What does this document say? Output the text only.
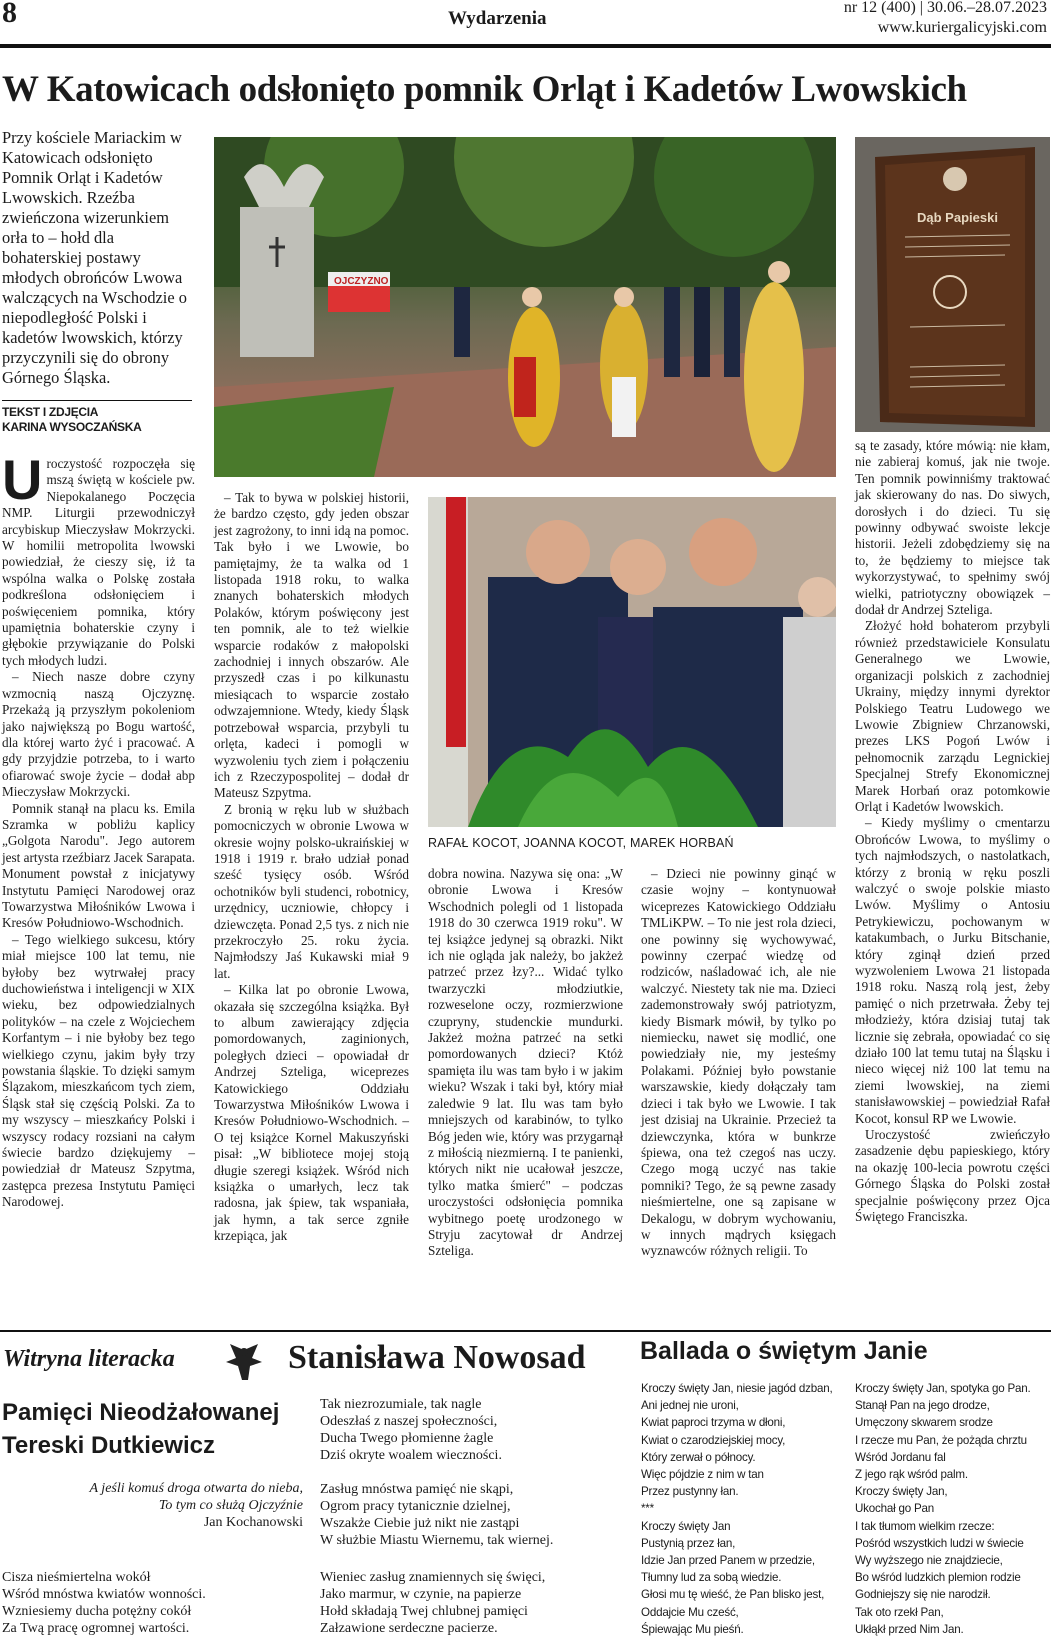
8	Wydarzenia
nr 12 (400) | 30.06.–28.07.2023
www.kuriergalicyjski.com
W Katowicach odsłonięto pomnik Orląt i Kadetów Lwowskich
Przy kościele Mariackim w Katowicach odsłonięto Pomnik Orląt i Kadetów Lwowskich. Rzeźba zwieńczona wizerunkiem orła to – hołd dla bohaterskiej postawy młodych obrońców Lwowa walczących na Wschodzie o niepodległość Polski i kadetów lwowskich, którzy przyczynili się do obrony Górnego Śląska.
TEKST I ZDJĘCIA
KARINA WYSOCZAŃSKA
OJCZYZNO
Dąb Papieski
RAFAŁ KOCOT, JOANNA KOCOT, MAREK HORBAŃ

Uroczystość rozpoczęła się mszą świętą w kościele pw. Niepokalanego Poczęcia NMP. Liturgii przewodniczył arcybiskup Mieczysław Mokrzycki. W homilii metropolita lwowski powiedział, że cieszy się, iż ta wspólna walka o Polskę została podkreślona odsłonięciem i poświęceniem pomnika, który upamiętnia bohaterskie czyny i głębokie przywiązanie do Polski tych młodych ludzi.

– Niech nasze dobre czyny wzmocnią naszą Ojczyznę. Przekażą ją przyszłym pokoleniom jako największą po Bogu wartość, dla której warto żyć i pracować. A gdy przyjdzie potrzeba, to i warto ofiarować swoje życie – dodał abp Mieczysław Mokrzycki.

Pomnik stanął na placu ks. Emila Szramka w pobliżu kaplicy „Golgota Narodu". Jego autorem jest artysta rzeźbiarz Jacek Sarapata. Monument powstał z inicjatywy Instytutu Pamięci Narodowej oraz Towarzystwa Miłośników Lwowa i Kresów Południowo-Wschodnich.

– Tego wielkiego sukcesu, który miał miejsce 100 lat temu, nie byłoby bez wytrwałej pracy duchowieństwa i inteligencji w XIX wieku, bez odpowiedzialnych polityków – na czele z Wojciechem Korfantym – i nie byłoby bez tego wielkiego czynu, jakim były trzy powstania śląskie. To dzięki samym Ślązakom, mieszkańcom tych ziem, Śląsk stał się częścią Polski. Za to my wszyscy – mieszkańcy Polski i wszyscy rodacy rozsiani na całym świecie bardzo dziękujemy – powiedział dr Mateusz Szpytma, zastępca prezesa Instytutu Pamięci Narodowej.

– Tak to bywa w polskiej historii, że bardzo często, gdy jeden obszar jest zagrożony, to inni idą na pomoc. Tak było i we Lwowie, bo pamiętajmy, że ta walka od 1 listopada 1918 roku, to walka znanych bohaterskich młodych Polaków, którym poświęcony jest ten pomnik, ale to też wielkie wsparcie rodaków z małopolski zachodniej i innych obszarów. Ale przyszedł czas i po kilkunastu miesiącach to wsparcie zostało odwzajemnione. Wtedy, kiedy Śląsk potrzebował wsparcia, przybyli tu orlęta, kadeci i pomogli w wyzwoleniu tych ziem i połączeniu ich z Rzeczypospolitej – dodał dr Mateusz Szpytma.

Z bronią w ręku lub w służbach pomocniczych w obronie Lwowa w okresie wojny polsko-ukraińskiej w 1918 i 1919 r. brało udział ponad sześć tysięcy osób. Wśród ochotników byli studenci, robotnicy, urzędnicy, uczniowie, chłopcy i dziewczęta. Ponad 2,5 tys. z nich nie przekroczyło 25. roku życia. Najmłodszy Jaś Kukawski miał 9 lat.

– Kilka lat po obronie Lwowa, okazała się szczególna książka. Był to album zawierający zdjęcia pomordowanych, zaginionych, poległych dzieci – opowiadał dr Andrzej Szteliga, wiceprezes Katowickiego Oddziału Towarzystwa Miłośników Lwowa i Kresów Południowo-Wschodnich. – O tej książce Kornel Makuszyński pisał: „W bibliotece mojej stoją długie szeregi książek. Wśród nich książka o umarłych, lecz tak radosna, jak śpiew, tak wspaniała, jak hymn, a tak serce zgniłe krzepiąca, jak

dobra nowina. Nazywa się ona: „W obronie Lwowa i Kresów Wschodnich polegli od 1 listopada 1918 do 30 czerwca 1919 roku". W tej książce jedynej są obrazki. Nikt ich nie ogląda jak należy, bo jakżeż patrzeć przez łzy?... Widać tylko twarzyczki młodziutkie, rozweselone oczy, rozmierzwione czupryny, studenckie mundurki. Jakżeż można patrzeć na setki pomordowanych dzieci? Któż spamięta ilu was tam było i w jakim wieku? Wszak i taki był, który miał zaledwie 9 lat. Ilu was tam było mniejszych od karabinów, to tylko Bóg jeden wie, który was przygarnął z miłością niezmierną. I te panienki, których nikt nie ucałował jeszcze, tylko matka śmierć" – podczas uroczystości odsłonięcia pomnika wybitnego poetę urodzonego w Stryju zacytował dr Andrzej Szteliga.

– Dzieci nie powinny ginąć w czasie wojny – kontynuował wiceprezes Katowickiego Oddziału TMLiKPW. – To nie jest rola dzieci, one powinny się wychowywać, powinny czerpać wiedzę od rodziców, naśladować ich, ale nie walczyć. Niestety tak nie ma. Dzieci zademonstrowały swój patriotyzm, kiedy Bismark mówił, by tylko po niemiecku, nawet się modlić, one powiedziały nie, my jesteśmy Polakami. Później było powstanie warszawskie, kiedy dołączały tam dzieci i tak było we Lwowie. I tak jest dzisiaj na Ukrainie. Przecież ta dziewczynka, która w bunkrze śpiewa, ona też czegoś nas uczy. Czego mogą uczyć nas takie pomniki? Tego, że są pewne zasady nieśmiertelne, one są zapisane w Dekalogu, w dobrym wychowaniu, w innych mądrych księgach wyznawców różnych religii. To

są te zasady, które mówią: nie kłam, nie zabieraj komuś, jak nie twoje. Ten pomnik powinniśmy traktować jak skierowany do nas. Do siwych, dorosłych i do dzieci. Tu się powinny odbywać swoiste lekcje historii. Jeżeli zdobędziemy się na to, że będziemy to miejsce tak wykorzystywać, to spełnimy swój wielki, patriotyczny obowiązek – dodał dr Andrzej Szteliga.

Złożyć hołd bohaterom przybyli również przedstawiciele Konsulatu Generalnego we Lwowie, organizacji polskich z zachodniej Ukrainy, między innymi dyrektor Polskiego Teatru Ludowego we Lwowie Zbigniew Chrzanowski, prezes LKS Pogoń Lwów i pełnomocnik zarządu Legnickiej Specjalnej Strefy Ekonomicznej Marek Horbań oraz potomkowie Orląt i Kadetów lwowskich.

– Kiedy myślimy o cmentarzu Obrońców Lwowa, to myślimy o tych najmłodszych, o nastolatkach, którzy z bronią w ręku poszli walczyć o swoje polskie miasto Lwów. Myślimy o Antosiu Petrykiewiczu, pochowanym w katakumbach, o Jurku Bitschanie, który zginął dzień przed wyzwoleniem Lwowa 21 listopada 1918 roku. Naszą rolą jest, żeby pamięć o nich przetrwała. Żeby tej młodzieży, która dzisiaj tutaj tak licznie się zebrała, opowiadać co się działo 100 lat temu tutaj na Śląsku i nieco więcej niż 100 lat temu na ziemi lwowskiej, na ziemi stanisławowskiej – powiedział Rafał Kocot, konsul RP we Lwowie.

Uroczystość zwieńczyło zasadzenie dębu papieskiego, który na okazję 100-lecia powrotu części Górnego Śląska do Polski został specjalnie poświęcony przez Ojca Świętego Franciszka.

Witryna literacka	Stanisława Nowosad
Pamięci Nieodżałowanej
Tereski Dutkiewicz
A jeśli komuś droga otwarta do nieba,
To tym co służą Ojczyźnie
Jan Kochanowski
Cisza nieśmiertelna wokół
Wśród mnóstwa kwiatów wonności.
Wzniesiemy ducha potężny cokół
Za Twą pracę ogromnej wartości.
Tak niezrozumiale, tak nagle
Odeszłaś z naszej społeczności,
Ducha Twego płomienne żagle
Dziś okryte woalem wieczności.
Zasług mnóstwa pamięć nie skąpi,
Ogrom pracy tytanicznie dzielnej,
Wszakże Ciebie już nikt nie zastąpi
W służbie Miastu Wiernemu, tak wiernej.
Wieniec zasług znamiennych się święci,
Jako marmur, w czynie, na papierze
Hołd składają Twej chlubnej pamięci
Załzawione serdeczne pacierze.
Ballada o świętym Janie
Kroczy święty Jan, niesie jagód dzban,
Ani jednej nie uroni,
Kwiat paproci trzyma w dłoni,
Kwiat o czarodziejskiej mocy,
Który zerwał o północy.
Więc pójdzie z nim w tan
Przez pustynny łan.
***
Kroczy święty Jan
Pustynią przez łan,
Idzie Jan przed Panem w przedzie,
Tłumny lud za sobą wiedzie.
Głosi mu tę wieść, że Pan blisko jest,
Oddajcie Mu cześć,
Śpiewając Mu pieśń.
Kroczy święty Jan, spotyka go Pan.
Stanął Pan na jego drodze,
Umęczony skwarem srodze
I rzecze mu Pan, że pożąda chrztu
Wśród Jordanu fal
Z jego rąk wśród palm.
Kroczy święty Jan,
Ukochał go Pan
I tak tłumom wielkim rzecze:
Pośród wszystkich ludzi w świecie
Wy wyższego nie znajdziecie,
Bo wśród ludzkich plemion rodzie
Godniejszy się nie narodził.
Tak oto rzekł Pan,
Ukłąkł przed Nim Jan.
